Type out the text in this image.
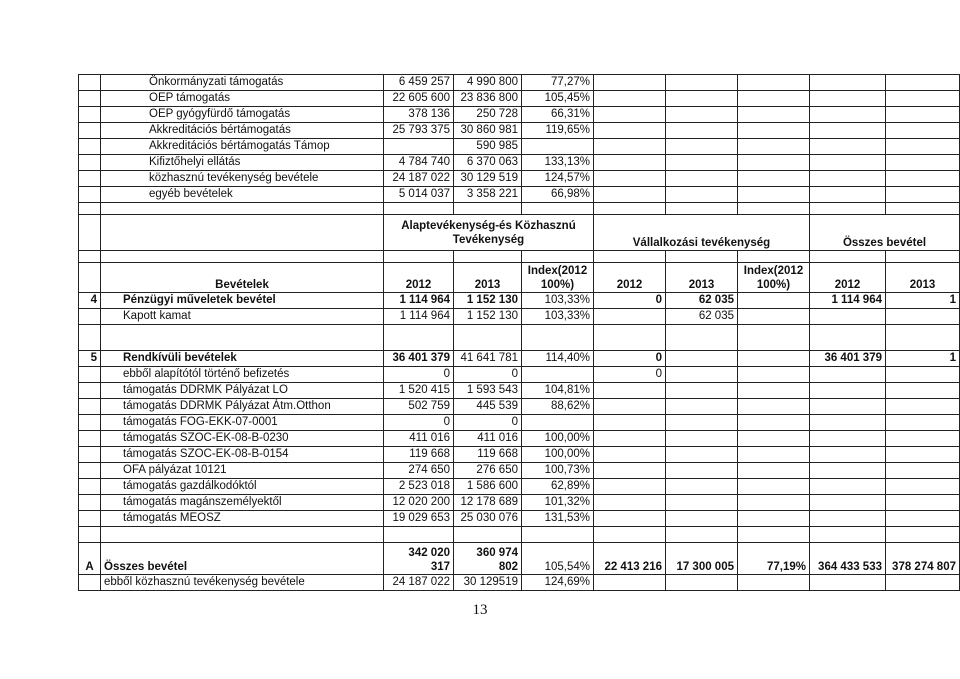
	Önkormányzati támogatás	6 459 257	4 990 800	77,27%					
	OEP támogatás	22 605 600	23 836 800	105,45%					
	OEP gyógyfürdő támogatás	378 136	250 728	66,31%					
	Akkreditációs bértámogatás	25 793 375	30 860 981	119,65%					
	Akkreditációs bértámogatás Támop		590 985						
	Kifiztőhelyi ellátás	4 784 740	6 370 063	133,13%					
	közhasznú tevékenység bevétele	24 187 022	30 129 519	124,57%					
	egyéb bevételek	5 014 037	3 358 221	66,98%					

		Alaptevékenység-és Közhasznú Tevékenység			Vállalkozási tevékenység			Összes bevétel	

	Bevételek	2012	2013	Index(2012 100%)	2012	2013	Index(2012 100%)	2012	2013
4	Pénzügyi műveletek bevétel	1 114 964	1 152 130	103,33%	0	62 035		1 114 964	1
	Kapott kamat	1 114 964	1 152 130	103,33%		62 035			

5	Rendkívüli bevételek	36 401 379	41 641 781	114,40%	0			36 401 379	1
	ebből alapítótól történő befizetés	0	0		0				
	támogatás DDRMK Pályázat LO	1 520 415	1 593 543	104,81%					
	támogatás DDRMK Pályázat Átm.Otthon	502 759	445 539	88,62%					
	támogatás FOG-EKK-07-0001	0	0						
	támogatás SZOC-EK-08-B-0230	411 016	411 016	100,00%					
	támogatás SZOC-EK-08-B-0154	119 668	119 668	100,00%					
	OFA pályázat 10121	274 650	276 650	100,73%					
	támogatás gazdálkodóktól	2 523 018	1 586 600	62,89%					
	támogatás magánszemélyektől	12 020 200	12 178 689	101,32%					
	támogatás MEOSZ	19 029 653	25 030 076	131,53%					

A	Összes bevétel	342 020 317	360 974 802	105,54%	22 413 216	17 300 005	77,19%	364 433 533	378 274 807
	ebből közhasznú tevékenység bevétele	24 187 022	30 129519	124,69%					
13
